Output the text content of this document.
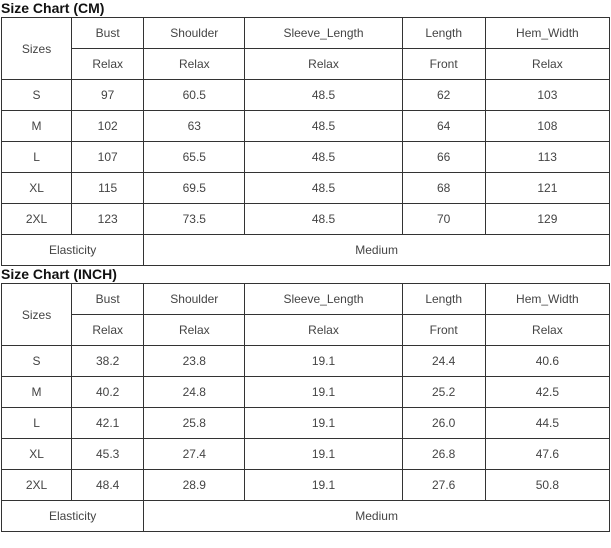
Size Chart (CM)
Sizes	Bust	Shoulder	Sleeve_Length	Length	Hem_Width
	Relax	Relax	Relax	Front	Relax
S	97	60.5	48.5	62	103
M	102	63	48.5	64	108
L	107	65.5	48.5	66	113
XL	115	69.5	48.5	68	121
2XL	123	73.5	48.5	70	129
Elasticity		Medium			
Size Chart (INCH)
Sizes	Bust	Shoulder	Sleeve_Length	Length	Hem_Width
	Relax	Relax	Relax	Front	Relax
S	38.2	23.8	19.1	24.4	40.6
M	40.2	24.8	19.1	25.2	42.5
L	42.1	25.8	19.1	26.0	44.5
XL	45.3	27.4	19.1	26.8	47.6
2XL	48.4	28.9	19.1	27.6	50.8
Elasticity		Medium			
